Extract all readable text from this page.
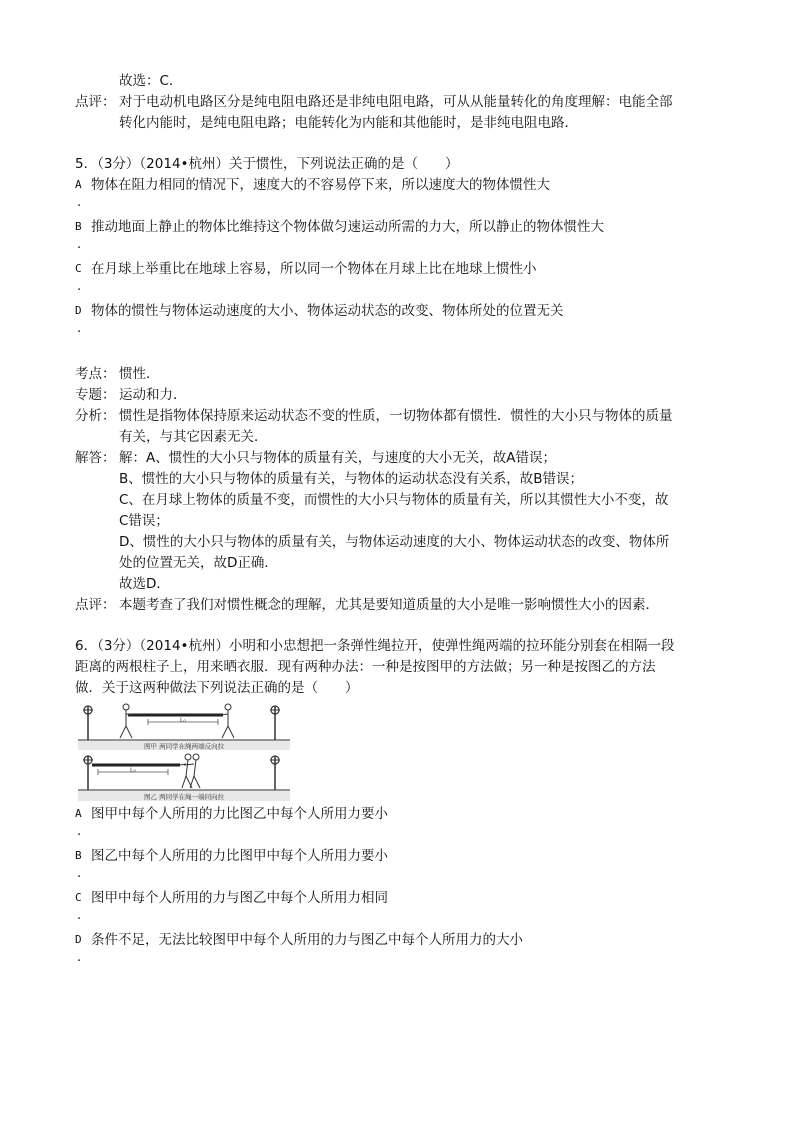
故选：C．
点评： 对于电动机电路区分是纯电阻电路还是非纯电阻电路，可从从能量转化的角度理解：电能全部
转化内能时，是纯电阻电路；电能转化为内能和其他能时，是非纯电阻电路．
5．（3分）（2014•杭州）关于惯性，下列说法正确的是（　　）
A 物体在阻力相同的情况下，速度大的不容易停下来，所以速度大的物体惯性大
.
B 推动地面上静止的物体比维持这个物体做匀速运动所需的力大，所以静止的物体惯性大
.
C 在月球上举重比在地球上容易，所以同一个物体在月球上比在地球上惯性小
.
D 物体的惯性与物体运动速度的大小、物体运动状态的改变、物体所处的位置无关
.
考点： 惯性．
专题： 运动和力．
分析： 惯性是指物体保持原来运动状态不变的性质，一切物体都有惯性．惯性的大小只与物体的质量
有关，与其它因素无关．
解答： 解：A、惯性的大小只与物体的质量有关，与速度的大小无关，故A错误；
B、惯性的大小只与物体的质量有关，与物体的运动状态没有关系，故B错误；
C、在月球上物体的质量不变，而惯性的大小只与物体的质量有关，所以其惯性大小不变，故
C错误；
D、惯性的大小只与物体的质量有关，与物体运动速度的大小、物体运动状态的改变、物体所
处的位置无关，故D正确．
故选D．
点评： 本题考查了我们对惯性概念的理解，尤其是要知道质量的大小是唯一影响惯性大小的因素．
6．（3分）（2014•杭州）小明和小忠想把一条弹性绳拉开，使弹性绳两端的拉环能分别套在相隔一段
距离的两根柱子上，用来晒衣服．现有两种办法：一种是按图甲的方法做；另一种是按图乙的方法
做．关于这两种做法下列说法正确的是（　　）
图甲 两同学在绳两端反向拉
L₀
图乙 两同学在绳一端同向拉
L₀
A 图甲中每个人所用的力比图乙中每个人所用力要小
.
B 图乙中每个人所用的力比图甲中每个人所用力要小
.
C 图甲中每个人所用的力与图乙中每个人所用力相同
.
D 条件不足，无法比较图甲中每个人所用的力与图乙中每个人所用力的大小
.
